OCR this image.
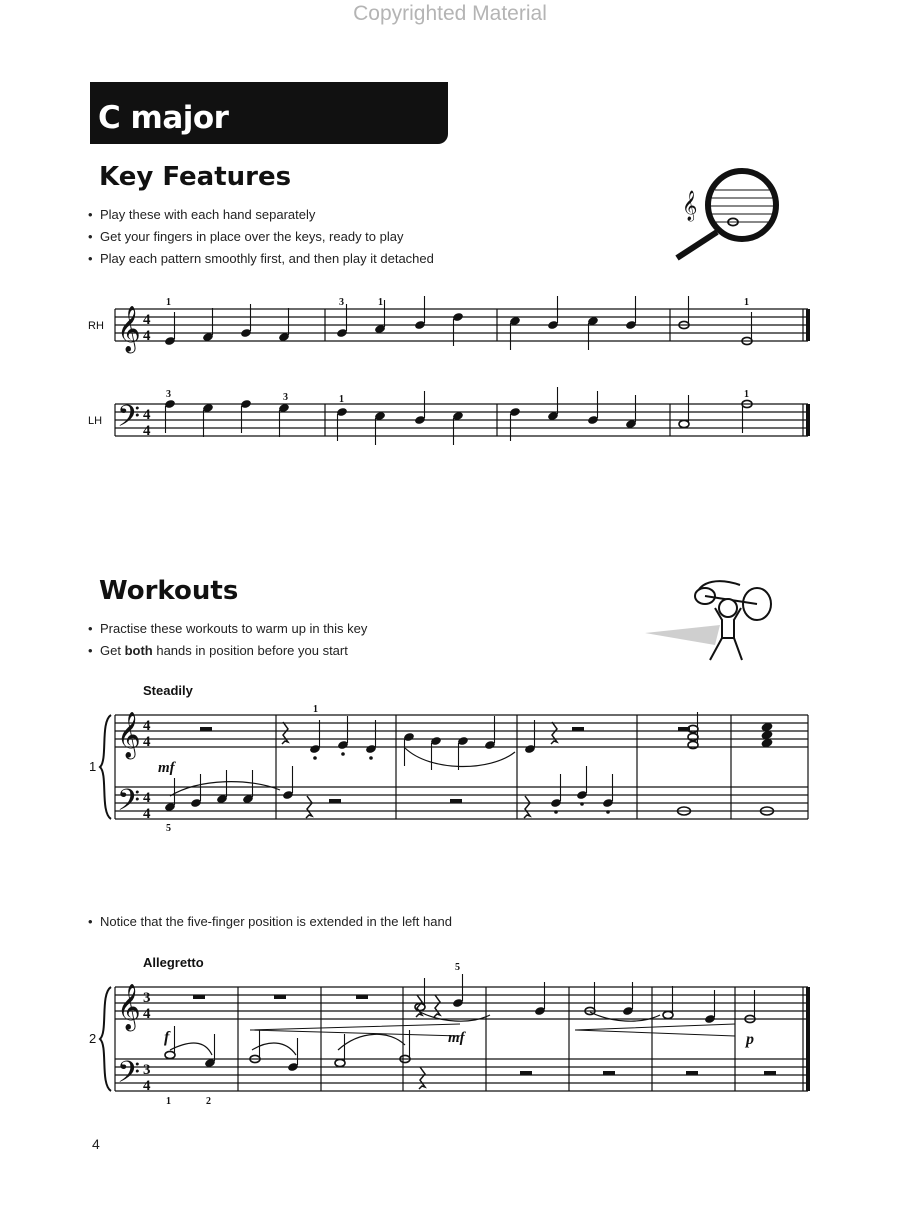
Copyrighted Material
C major
Key Features
• Play these with each hand separately
• Get your fingers in place over the keys, ready to play
• Play each pattern smoothly first, and then play it detached
Workouts
• Practise these workouts to warm up in this key
• Get both hands in position before you start
Steadily
• Notice that the five-finger position is extended in the left hand
Allegretto
4
𝄞
𝄢
𝄞
𝄢
𝄞
𝄢
4
4
4
4
4
4
4
4
3
4
3
4
𝄞
RH
LH
1
2
mf
f	mf	p
1	3	1	1
3	3	1	1
1
5
5
1	2
